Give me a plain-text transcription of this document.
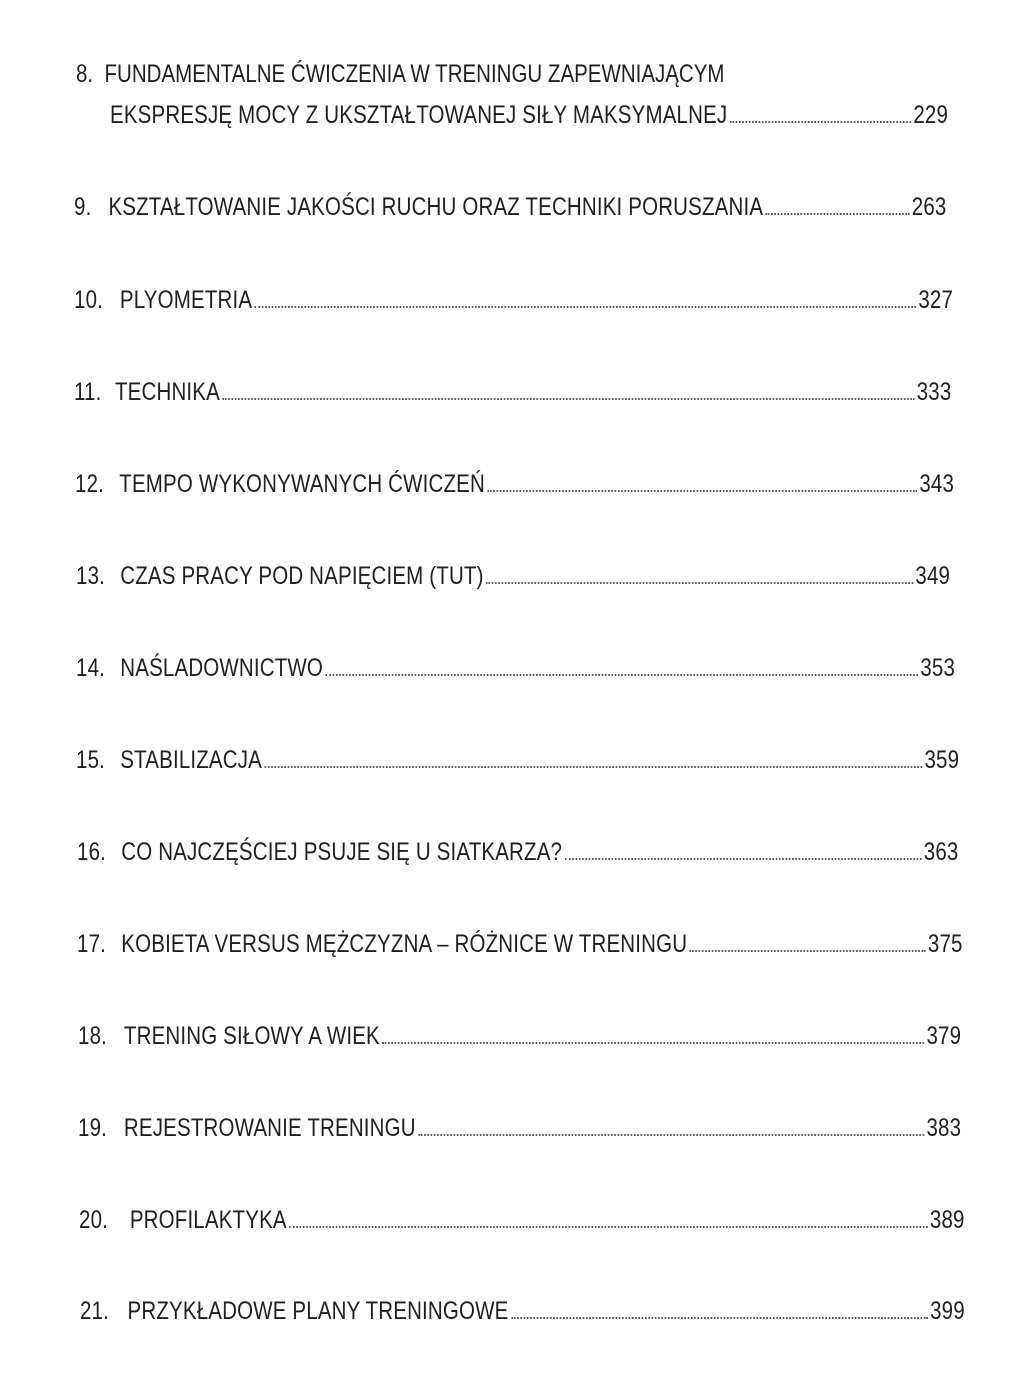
8. FUNDAMENTALNE ĆWICZENIA W TRENINGU ZAPEWNIAJĄCYM
EKSPRESJĘ MOCY Z UKSZTAŁTOWANEJ SIŁY MAKSYMALNEJ	229
9. KSZTAŁTOWANIE JAKOŚCI RUCHU ORAZ TECHNIKI PORUSZANIA	263
10. PLYOMETRIA	327
11. TECHNIKA	333
12. TEMPO WYKONYWANYCH ĆWICZEŃ	343
13. CZAS PRACY POD NAPIĘCIEM (TUT)	349
14. NAŚLADOWNICTWO	353
15. STABILIZACJA	359
16. CO NAJCZĘŚCIEJ PSUJE SIĘ U SIATKARZA?	363
17. KOBIETA VERSUS MĘŻCZYZNA – RÓŻNICE W TRENINGU	375
18. TRENING SIŁOWY A WIEK	379
19. REJESTROWANIE TRENINGU	383
20. PROFILAKTYKA	389
21. PRZYKŁADOWE PLANY TRENINGOWE	399
